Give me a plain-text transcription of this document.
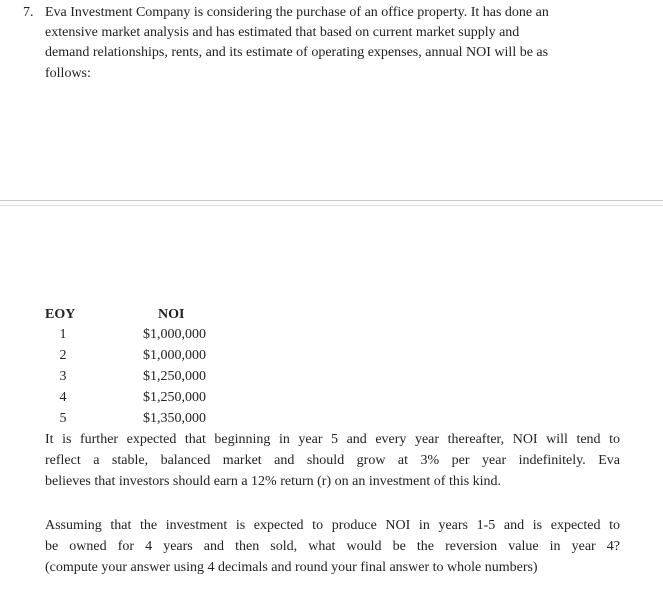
7. Eva Investment Company is considering the purchase of an office property. It has done an
extensive market analysis and has estimated that based on current market supply and
demand relationships, rents, and its estimate of operating expenses, annual NOI will be as
follows:
EOY	NOI
1	$1,000,000
2	$1,000,000
3	$1,250,000
4	$1,250,000
5	$1,350,000
It is further expected that beginning in year 5 and every year thereafter, NOI will tend to
reflect a stable, balanced market and should grow at 3% per year indefinitely. Eva
believes that investors should earn a 12% return (r) on an investment of this kind.
Assuming that the investment is expected to produce NOI in years 1-5 and is expected to
be owned for 4 years and then sold, what would be the reversion value in year 4?
(compute your answer using 4 decimals and round your final answer to whole numbers)
